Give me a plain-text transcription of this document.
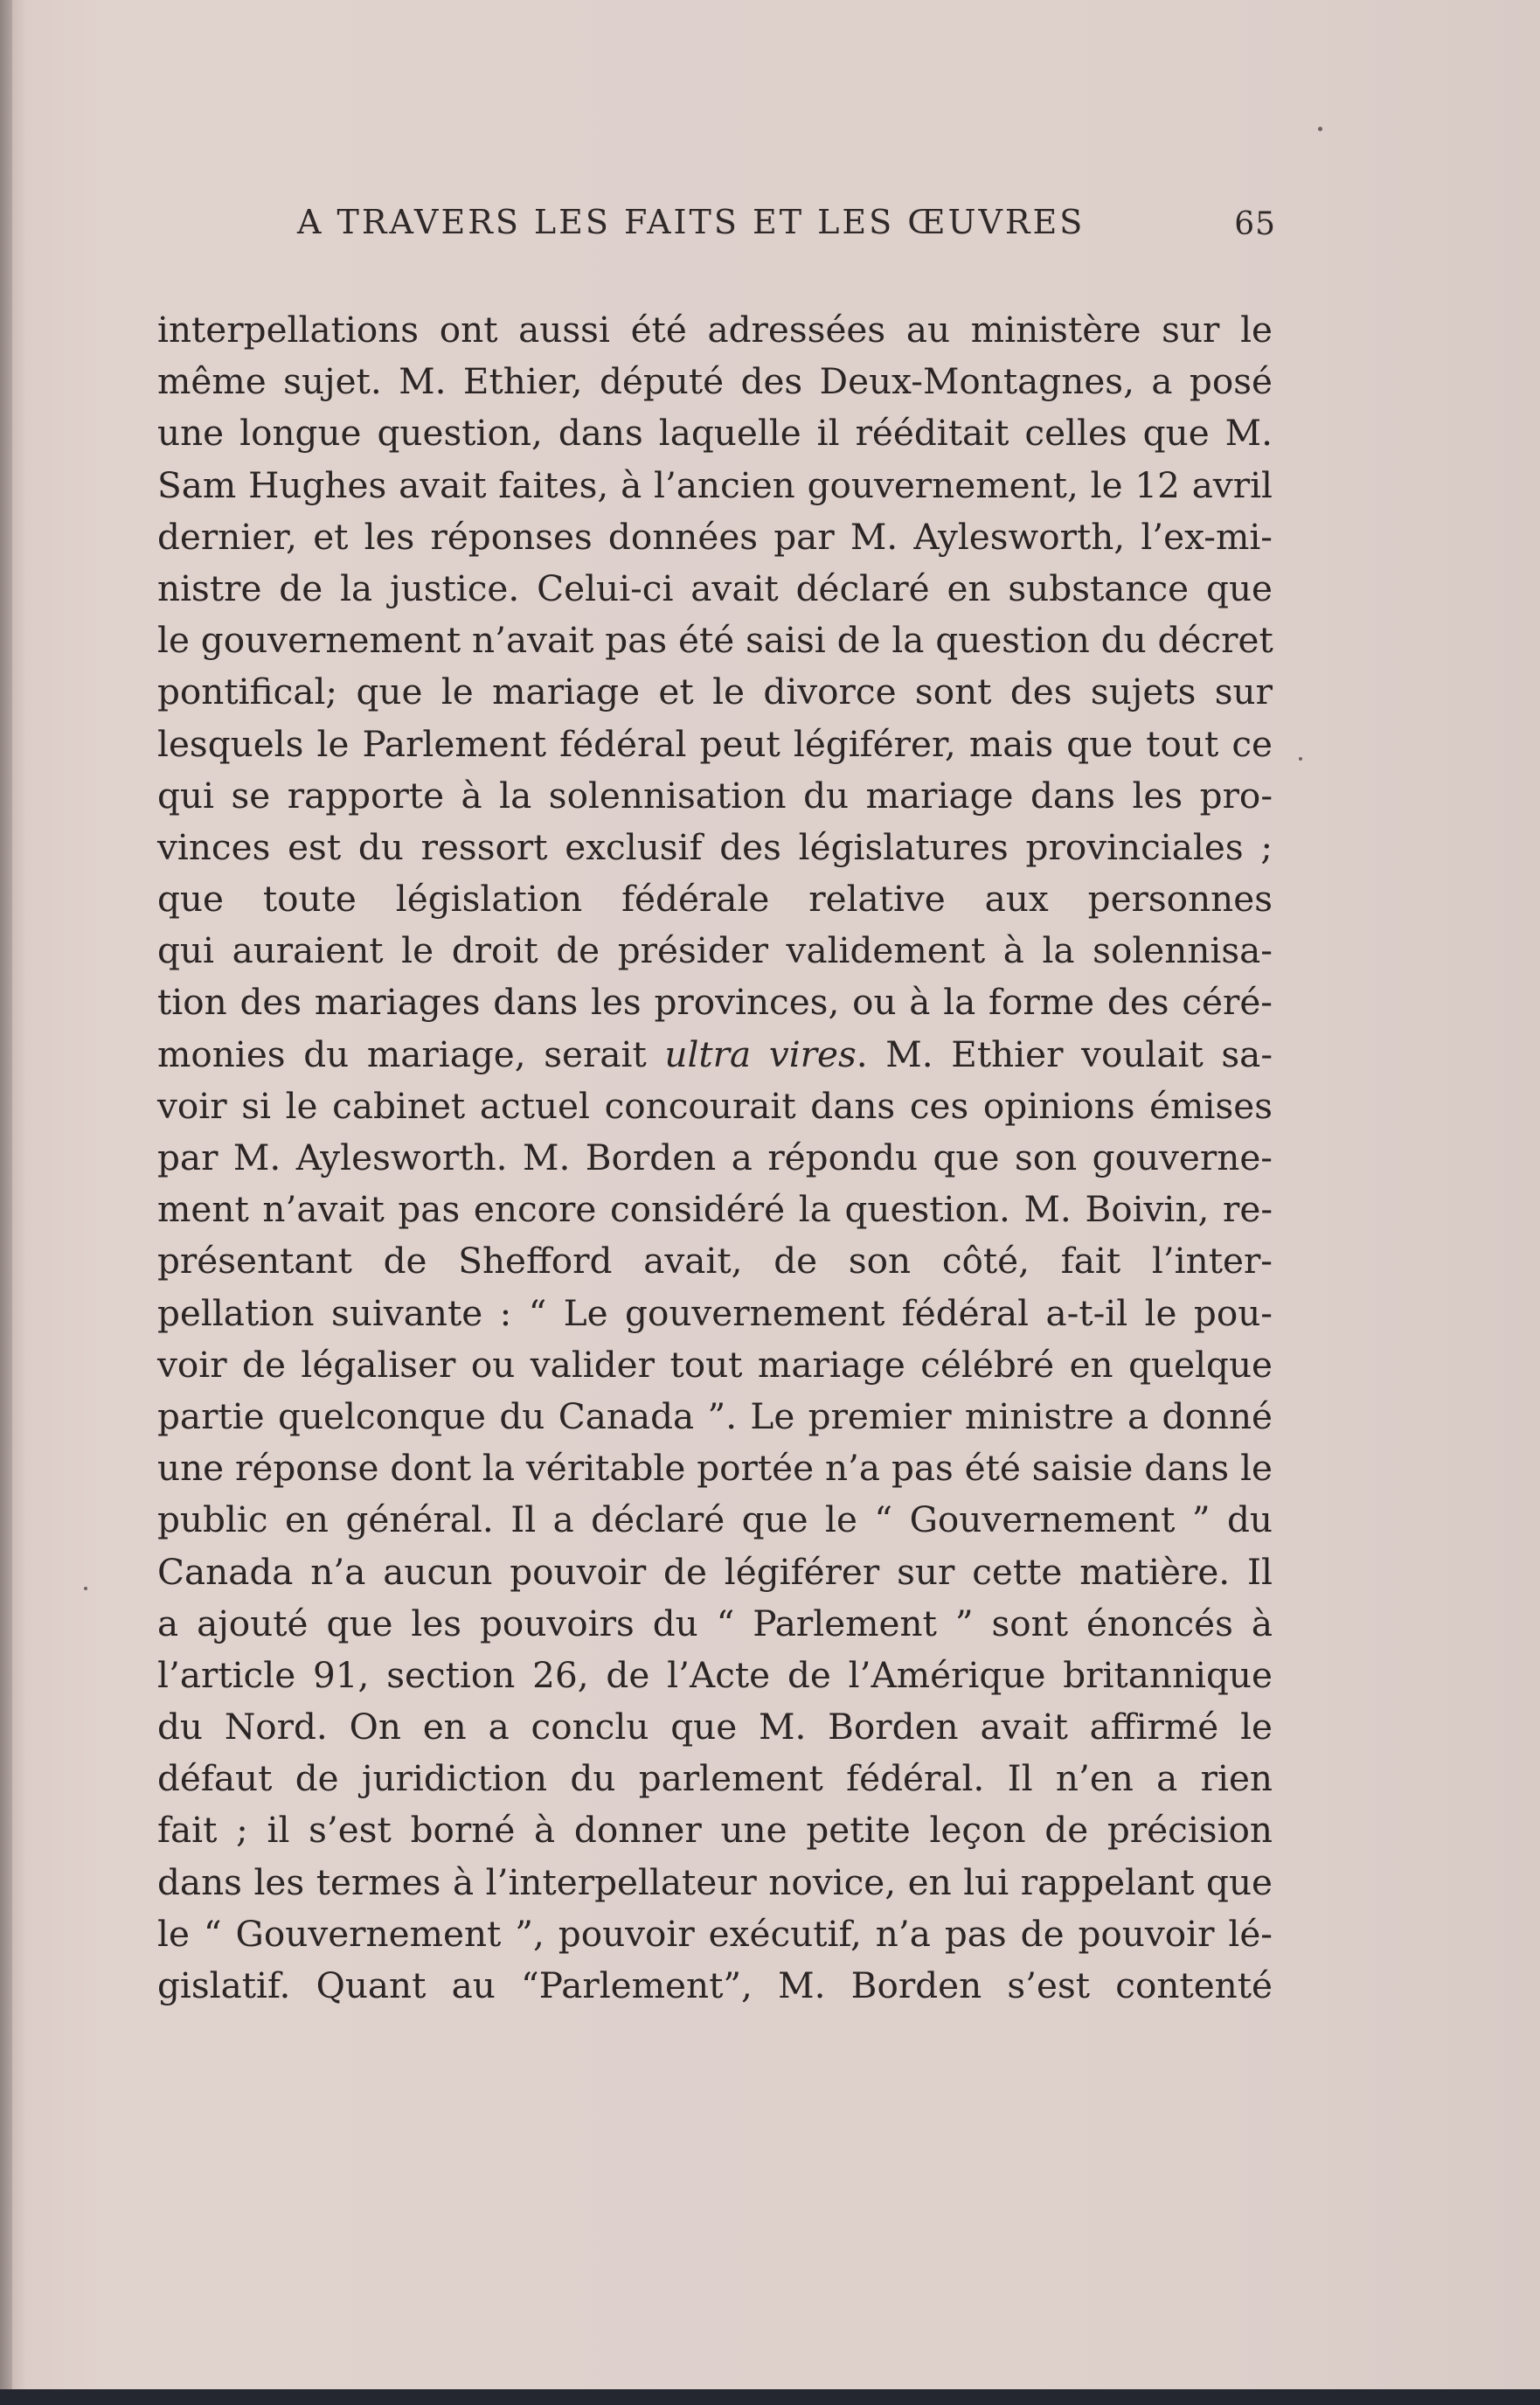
A TRAVERS LES FAITS ET LES ŒUVRES	65
interpellations ont aussi été adressées au ministère sur le
même sujet. M. Ethier, député des Deux-Montagnes, a posé
une longue question, dans laquelle il rééditait celles que M.
Sam Hughes avait faites, à l’ancien gouvernement, le 12 avril
dernier, et les réponses données par M. Aylesworth, l’ex-mi-
nistre de la justice. Celui-ci avait déclaré en substance que
le gouvernement n’avait pas été saisi de la question du décret
pontifical; que le mariage et le divorce sont des sujets sur
lesquels le Parlement fédéral peut légiférer, mais que tout ce
qui se rapporte à la solennisation du mariage dans les pro-
vinces est du ressort exclusif des législatures provinciales ;
que toute législation fédérale relative aux personnes
qui auraient le droit de présider validement à la solennisa-
tion des mariages dans les provinces, ou à la forme des céré-
monies du mariage, serait ultra vires. M. Ethier voulait sa-
voir si le cabinet actuel concourait dans ces opinions émises
par M. Aylesworth. M. Borden a répondu que son gouverne-
ment n’avait pas encore considéré la question. M. Boivin, re-
présentant de Shefford avait, de son côté, fait l’inter-
pellation suivante : “ Le gouvernement fédéral a-t-il le pou-
voir de légaliser ou valider tout mariage célébré en quelque
partie quelconque du Canada ”. Le premier ministre a donné
une réponse dont la véritable portée n’a pas été saisie dans le
public en général. Il a déclaré que le “ Gouvernement ” du
Canada n’a aucun pouvoir de légiférer sur cette matière. Il
a ajouté que les pouvoirs du “ Parlement ” sont énoncés à
l’article 91, section 26, de l’Acte de l’Amérique britannique
du Nord. On en a conclu que M. Borden avait affirmé le
défaut de juridiction du parlement fédéral. Il n’en a rien
fait ; il s’est borné à donner une petite leçon de précision
dans les termes à l’interpellateur novice, en lui rappelant que
le “ Gouvernement ”, pouvoir exécutif, n’a pas de pouvoir lé-
gislatif. Quant au “Parlement”, M. Borden s’est contenté
